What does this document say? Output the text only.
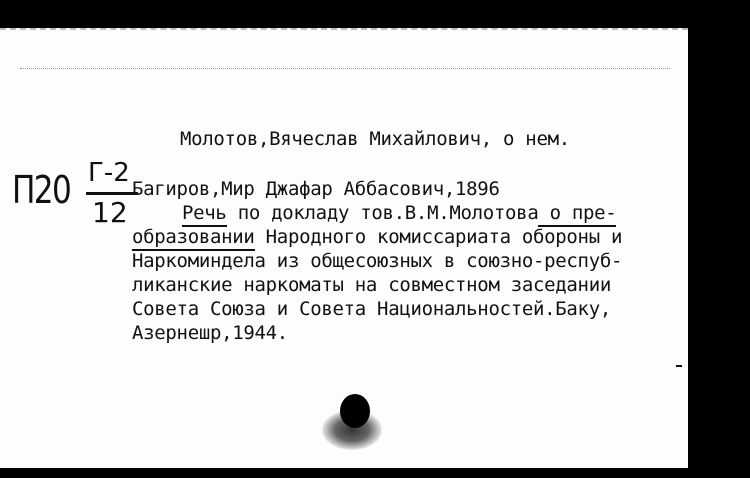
П20 Г-2
12
Молотов,Вячеслав Михайлович, о нем.
Багиров,Мир Джафар Аббасович,1896
Речь по докладу тов.В.М.Молотова о пре-
образовании Народного комиссариата обороны и
Наркоминдела из общесоюзных в союзно-респуб-
ликанские наркоматы на совместном заседании
Совета Союза и Совета Национальностей.Баку,
Азернешр,1944.
